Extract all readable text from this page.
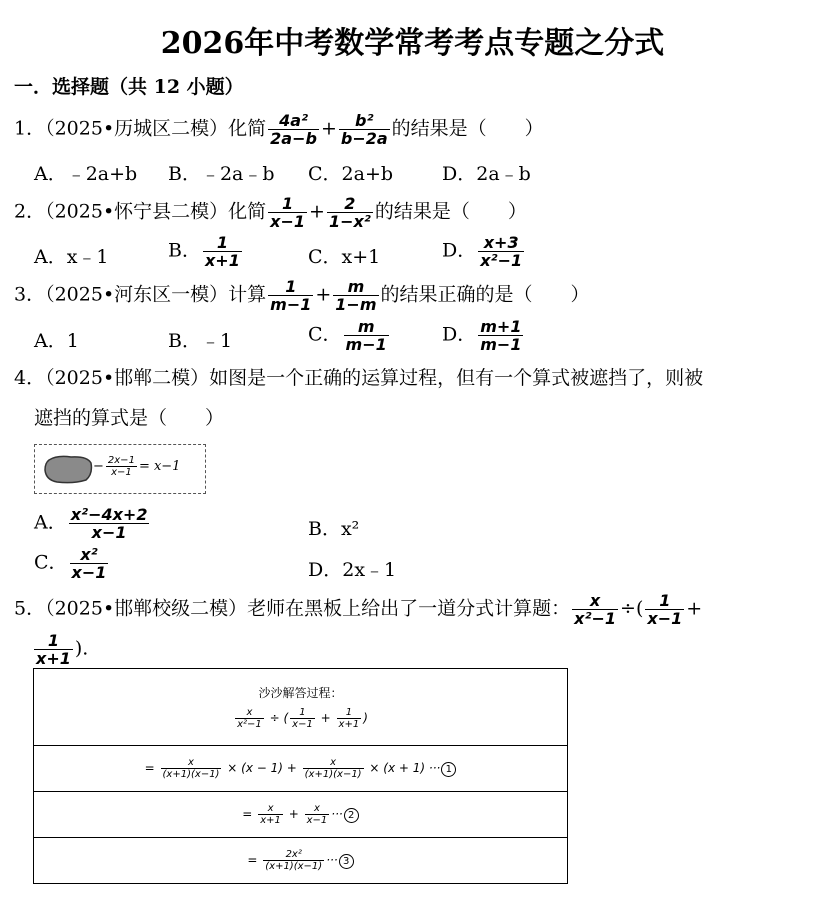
2026年中考数学常考考点专题之分式
一．选择题（共 12 小题）
1．（2025•历城区二模）化简 $\frac{\text{4a²}}{2a-b} + \frac{\text{b²}}{b-2a}$ 的结果是（　　）
A．﹣2a+b B．﹣2a﹣b C．2a+b	D．2a﹣b
2．（2025•怀宁县二模）化简 $\frac{1}{x-1} + \frac{2}{\text{1−x²}}$ 的结果是（　　）
A．x﹣1	B． $\frac{1}{x+1}$	C．x+1	D． $\frac{x+3}{\text{x²−1}}$
3．（2025•河东区一模）计算 $\frac{1}{m-1} + \frac{m}{1-m}$ 的结果正确的是（　　）
A．1	B．﹣1	C． $\frac{m}{m-1}$	D． $\frac{m+1}{m-1}$
4．（2025•邯郸二模）如图是一个正确的运算过程，但有一个算式被遮挡了，则被
遮挡的算式是（　　）
− $\frac{2x-1}{x-1} = x-1$
A． $\frac{\text{x²−4x+2}}{x-1}$	B．x²
C． $\frac{\text{x²}}{x-1}$	D．2x﹣1
5．（2025•邯郸校级二模）老师在黑板上给出了一道分式计算题： $\frac{x}{\text{x²−1}}$ ÷( $\frac{1}{x-1}$ +
$\frac{1}{x+1}$ ).
沙沙解答过程：
$\frac{x}{\text{x²−1}}$ ÷ ( $\frac{1}{x-1} + \frac{1}{x+1}$ )

= $\frac{x}{(x+1)(x-1)} \times (x - 1) + \frac{x}{(x+1)(x-1)} \times (x + 1)$ ··· 1
= $\frac{x}{x+1} + \frac{x}{x-1}$ ··· 2
= $\frac{\text{2x²}}{(x+1)(x-1)}$ ··· 3
